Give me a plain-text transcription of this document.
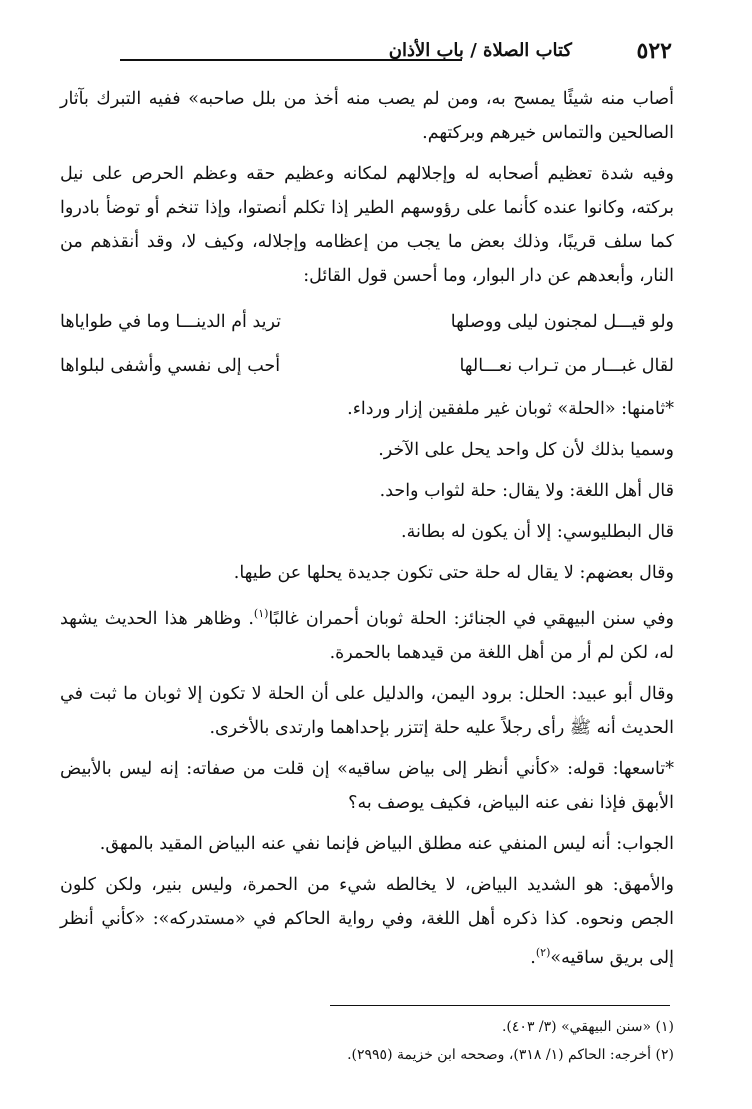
٥٢٢
كتاب الصلاة / باب الأذان

أصاب منه شيئًا يمسح به، ومن لم يصب منه أخذ من بلل صاحبه» ففيه التبرك بآثار الصالحين والتماس خيرهم وبركتهم.

وفيه شدة تعظيم أصحابه له وإجلالهم لمكانه وعظيم حقه وعظم الحرص على نيل بركته، وكانوا عنده كأنما على رؤوسهم الطير إذا تكلم أنصتوا، وإذا تنخم أو توضأ بادروا كما سلف قريبًا، وذلك بعض ما يجب من إعظامه وإجلاله، وكيف لا، وقد أنقذهم من النار، وأبعدهم عن دار البوار، وما أحسن قول القائل:

ولو قيـــل لمجنون ليلى ووصلها
تريد أم الدينـــا وما في طواياها
لقال غبـــار من تـراب نعـــالها
أحب إلى نفسي وأشفى لبلواها

*ثامنها: «الحلة» ثوبان غير ملفقين إزار ورداء.

وسميا بذلك لأن كل واحد يحل على الآخر.

قال أهل اللغة: ولا يقال: حلة لثواب واحد.

قال البطليوسي: إلا أن يكون له بطانة.

وقال بعضهم: لا يقال له حلة حتى تكون جديدة يحلها عن طيها.

وفي سنن البيهقي في الجنائز: الحلة ثوبان أحمران غالبًا$^{(١)}$. وظاهر هذا الحديث يشهد له، لكن لم أر من أهل اللغة من قيدهما بالحمرة.

وقال أبو عبيد: الحلل: برود اليمن، والدليل على أن الحلة لا تكون إلا ثوبان ما ثبت في الحديث أنه ﷺ رأى رجلاً عليه حلة إتتزر بإحداهما وارتدى بالأخرى.

*تاسعها: قوله: «كأني أنظر إلى بياض ساقيه» إن قلت من صفاته: إنه ليس بالأبيض الأبهق فإذا نفى عنه البياض، فكيف يوصف به؟

الجواب: أنه ليس المنفي عنه مطلق البياض فإنما نفي عنه البياض المقيد بالمهق.

والأمهق: هو الشديد البياض، لا يخالطه شيء من الحمرة، وليس بنير، ولكن كلون الجص ونحوه. كذا ذكره أهل اللغة، وفي رواية الحاكم في «مستدركه»: «كأني أنظر إلى بريق ساقيه»$^{(٢)}$.

(١) «سنن البيهقي» (٣/ ٤٠٣).

(٢) أخرجه: الحاكم (١/ ٣١٨)، وصححه ابن خزيمة (٢٩٩٥).
